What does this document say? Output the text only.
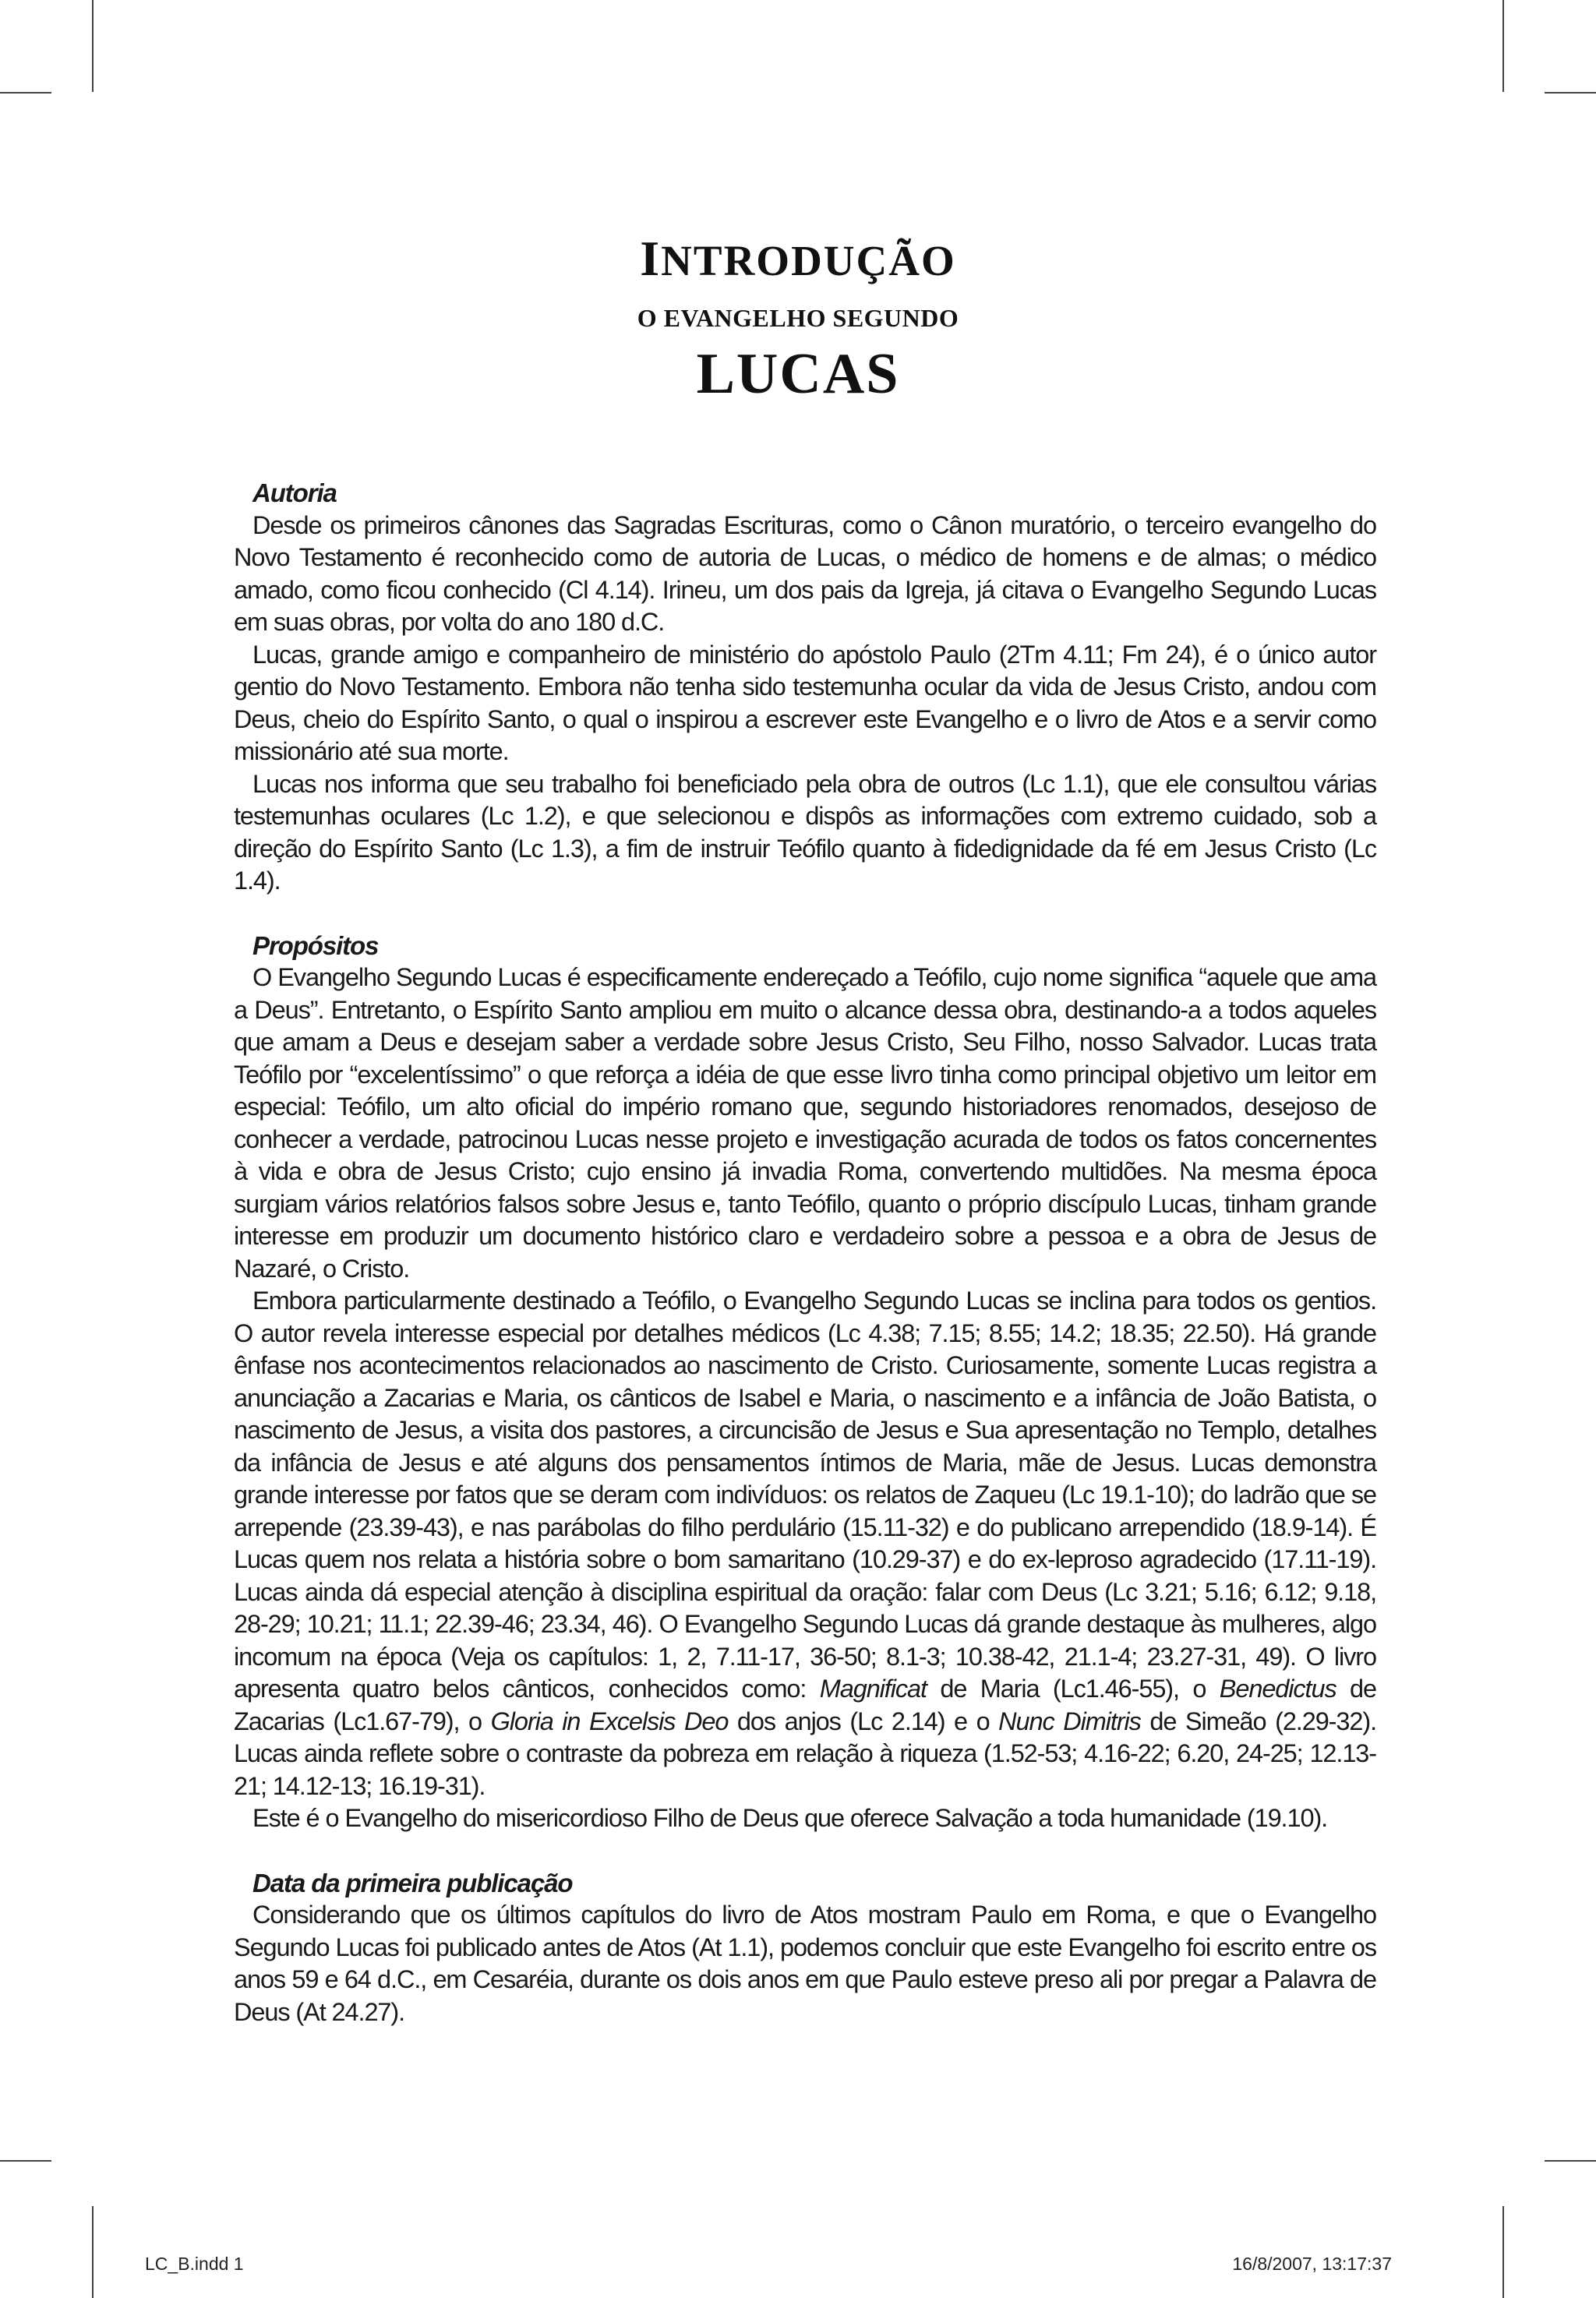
INTRODUÇÃO
O EVANGELHO SEGUNDO
LUCAS
Autoria

Desde os primeiros cânones das Sagradas Escrituras, como o Cânon muratório, o terceiro evangelho do Novo Testamento é reconhecido como de autoria de Lucas, o médico de homens e de almas; o médico amado, como ficou conhecido (Cl 4.14). Irineu, um dos pais da Igreja, já citava o Evangelho Segundo Lucas em suas obras, por volta do ano 180 d.C.

Lucas, grande amigo e companheiro de ministério do apóstolo Paulo (2Tm 4.11; Fm 24), é o único autor gentio do Novo Testamento. Embora não tenha sido testemunha ocular da vida de Jesus Cristo, andou com Deus, cheio do Espírito Santo, o qual o inspirou a escrever este Evangelho e o livro de Atos e a servir como missionário até sua morte.

Lucas nos informa que seu trabalho foi beneficiado pela obra de outros (Lc 1.1), que ele consultou várias testemunhas oculares (Lc 1.2), e que selecionou e dispôs as informações com extremo cuidado, sob a direção do Espírito Santo (Lc 1.3), a fim de instruir Teófilo quanto à fidedignidade da fé em Jesus Cristo (Lc 1.4).

Propósitos

O Evangelho Segundo Lucas é especificamente endereçado a Teófilo, cujo nome significa “aquele que ama a Deus”. Entretanto, o Espírito Santo ampliou em muito o alcance dessa obra, destinando-a a todos aqueles que amam a Deus e desejam saber a verdade sobre Jesus Cristo, Seu Filho, nosso Salvador. Lucas trata Teófilo por “excelentíssimo” o que reforça a idéia de que esse livro tinha como principal objetivo um leitor em especial: Teófilo, um alto oficial do império romano que, segundo historiadores renomados, desejoso de conhecer a verdade, patrocinou Lucas nesse projeto e investigação acurada de todos os fatos concernentes à vida e obra de Jesus Cristo; cujo ensino já invadia Roma, convertendo multidões. Na mesma época surgiam vários relatórios falsos sobre Jesus e, tanto Teófilo, quanto o próprio discípulo Lucas, tinham grande interesse em produzir um documento histórico claro e verdadeiro sobre a pessoa e a obra de Jesus de Nazaré, o Cristo.

Embora particularmente destinado a Teófilo, o Evangelho Segundo Lucas se inclina para todos os gentios. O autor revela interesse especial por detalhes médicos (Lc 4.38; 7.15; 8.55; 14.2; 18.35; 22.50). Há grande ênfase nos acontecimentos relacionados ao nascimento de Cristo. Curiosamente, somente Lucas registra a anunciação a Zacarias e Maria, os cânticos de Isabel e Maria, o nascimento e a infância de João Batista, o nascimento de Jesus, a visita dos pastores, a circuncisão de Jesus e Sua apresentação no Templo, detalhes da infância de Jesus e até alguns dos pensamentos íntimos de Maria, mãe de Jesus. Lucas demonstra grande interesse por fatos que se deram com indivíduos: os relatos de Zaqueu (Lc 19.1-10); do ladrão que se arrepende (23.39-43), e nas parábolas do filho perdulário (15.11-32) e do publicano arrependido (18.9-14). É Lucas quem nos relata a história sobre o bom samaritano (10.29-37) e do ex-leproso agradecido (17.11-19). Lucas ainda dá especial atenção à disciplina espiritual da oração: falar com Deus (Lc 3.21; 5.16; 6.12; 9.18, 28-29; 10.21; 11.1; 22.39-46; 23.34, 46). O Evangelho Segundo Lucas dá grande destaque às mulheres, algo incomum na época (Veja os capítulos: 1, 2, 7.11-17, 36-50; 8.1-3; 10.38-42, 21.1-4; 23.27-31, 49). O livro apresenta quatro belos cânticos, conhecidos como: Magnificat de Maria (Lc1.46-55), o Benedictus de Zacarias (Lc1.67-79), o Gloria in Excelsis Deo dos anjos (Lc 2.14) e o Nunc Dimitris de Simeão (2.29-32). Lucas ainda reflete sobre o contraste da pobreza em relação à riqueza (1.52-53; 4.16-22; 6.20, 24-25; 12.13-21; 14.12-13; 16.19-31).

Este é o Evangelho do misericordioso Filho de Deus que oferece Salvação a toda humanidade (19.10).

Data da primeira publicação

Considerando que os últimos capítulos do livro de Atos mostram Paulo em Roma, e que o Evangelho Segundo Lucas foi publicado antes de Atos (At 1.1), podemos concluir que este Evangelho foi escrito entre os anos 59 e 64 d.C., em Cesaréia, durante os dois anos em que Paulo esteve preso ali por pregar a Palavra de Deus (At 24.27).

LC_B.indd 1	16/8/2007, 13:17:37
